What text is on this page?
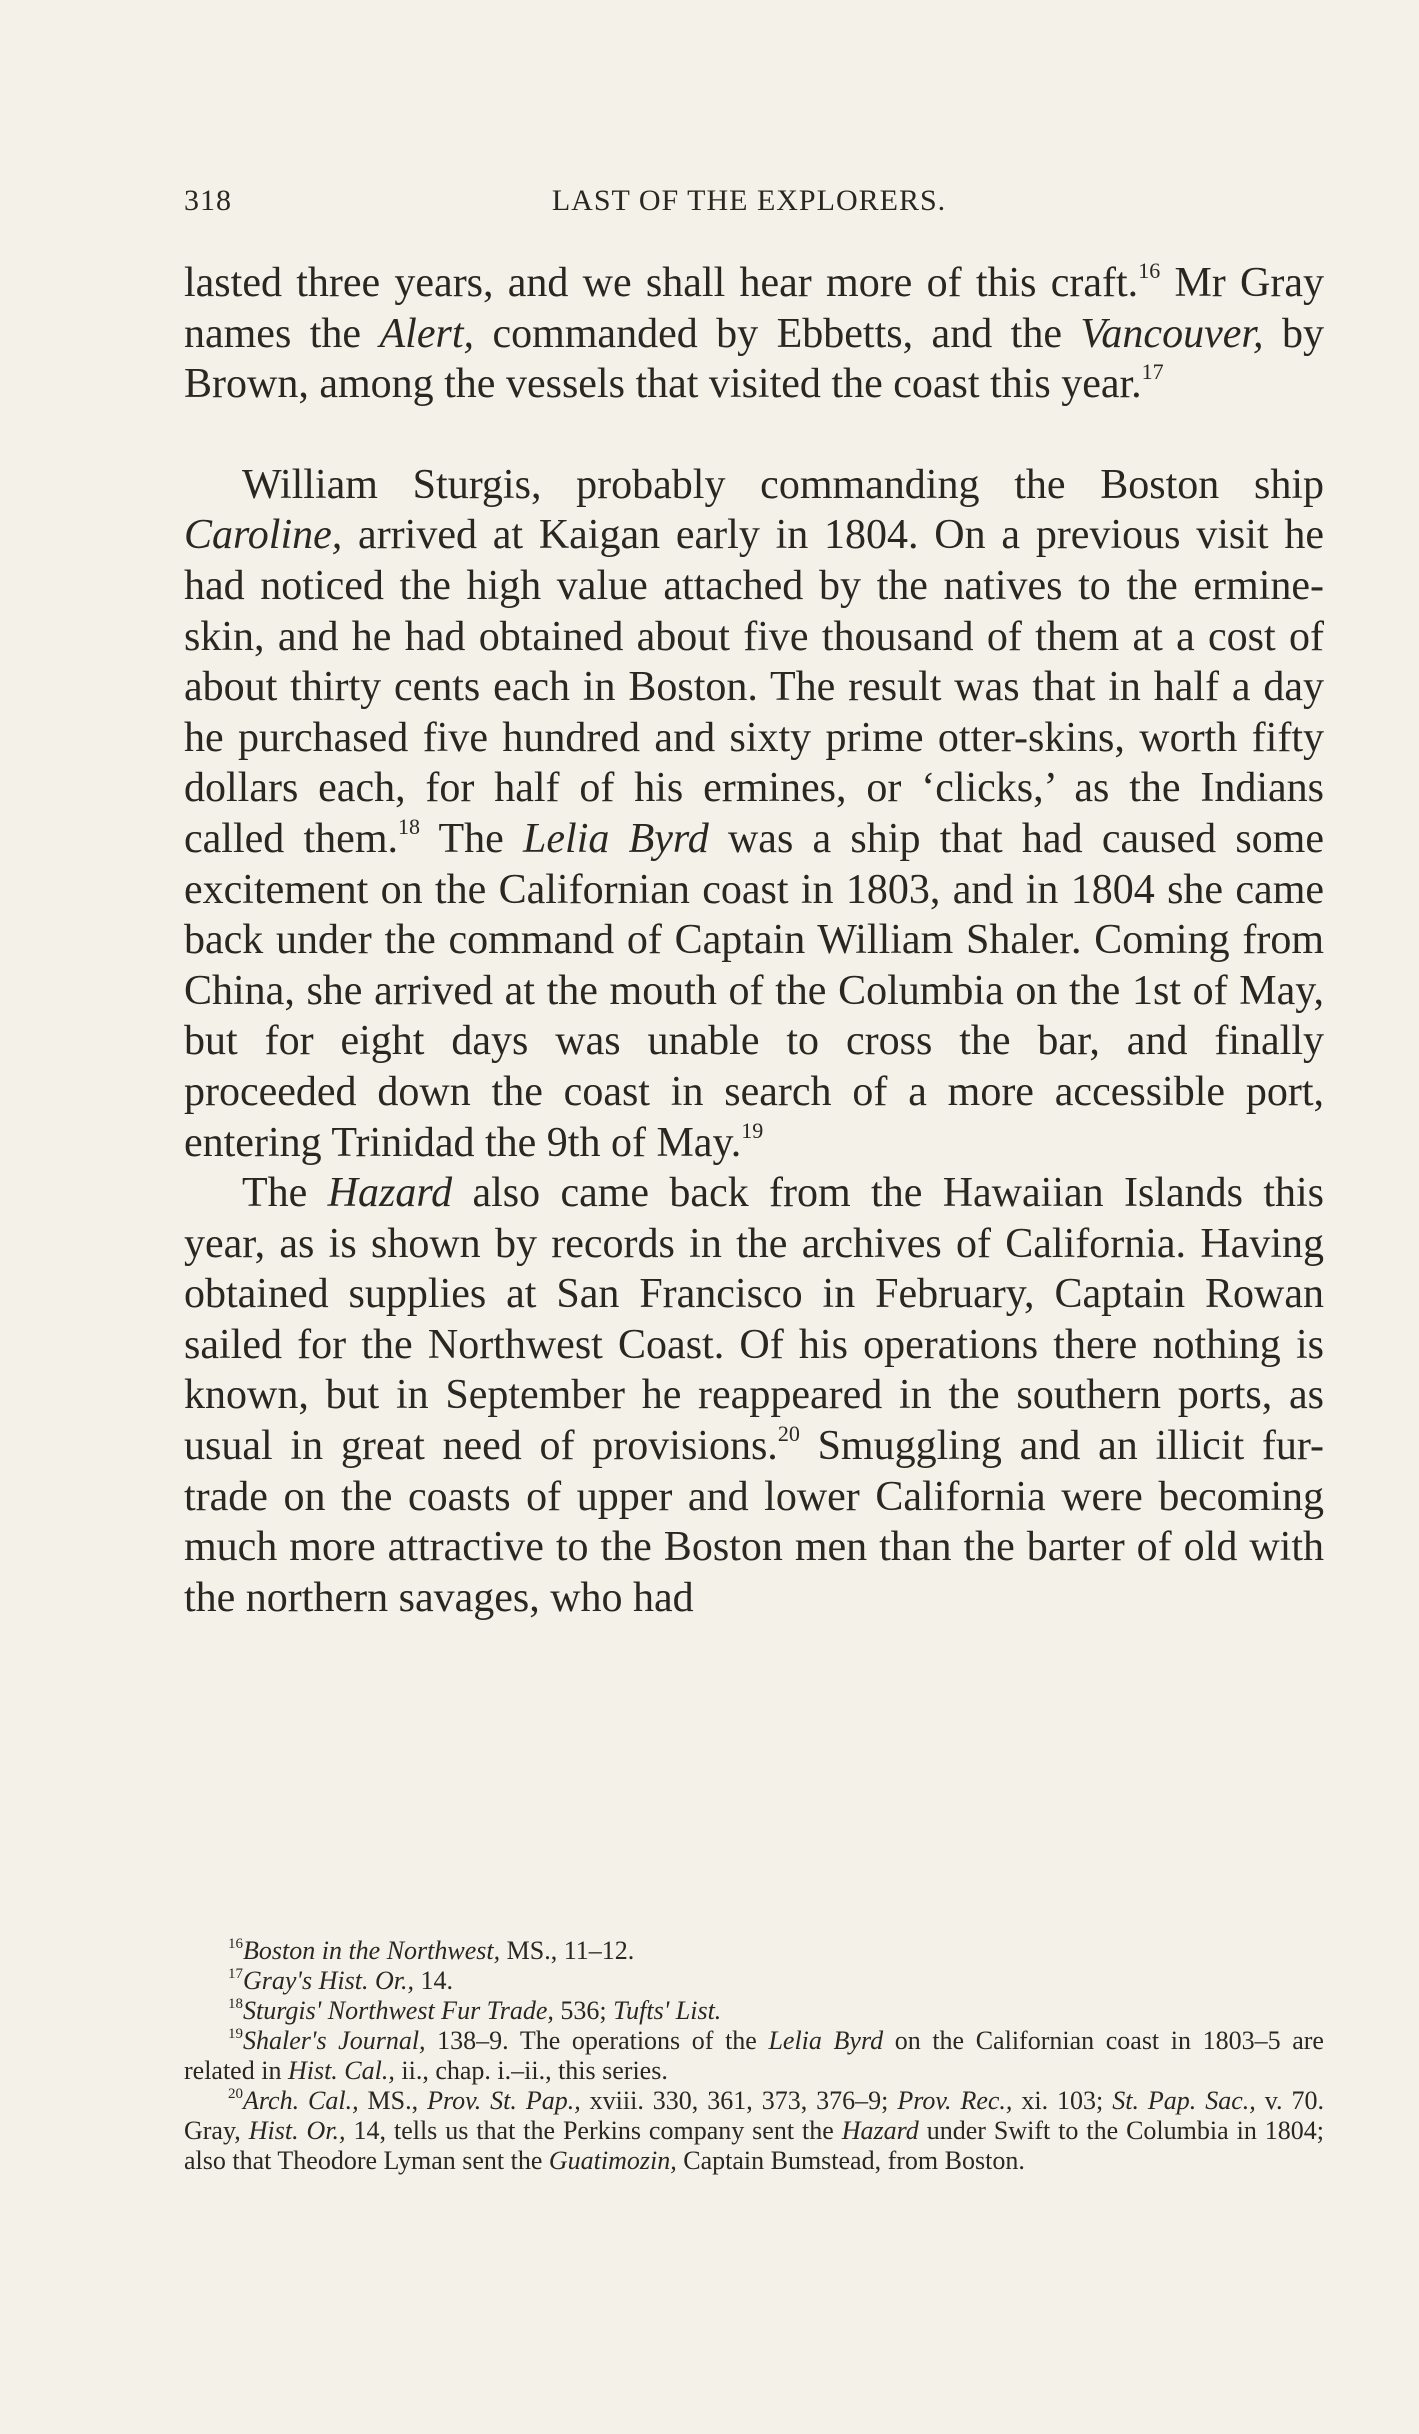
318	LAST OF THE EXPLORERS.

lasted three years, and we shall hear more of this craft.$^{16}$ Mr Gray names the Alert, commanded by Ebbetts, and the Vancouver, by Brown, among the vessels that visited the coast this year.$^{17}$

William Sturgis, probably commanding the Boston ship Caroline, arrived at Kaigan early in 1804. On a previous visit he had noticed the high value attached by the natives to the ermine-skin, and he had obtained about five thousand of them at a cost of about thirty cents each in Boston. The result was that in half a day he purchased five hundred and sixty prime otter-skins, worth fifty dollars each, for half of his ermines, or ‘clicks,’ as the Indians called them.$^{18}$ The Lelia Byrd was a ship that had caused some excitement on the Californian coast in 1803, and in 1804 she came back under the command of Captain William Shaler. Coming from China, she arrived at the mouth of the Columbia on the 1st of May, but for eight days was unable to cross the bar, and finally proceeded down the coast in search of a more accessible port, entering Trinidad the 9th of May.$^{19}$

The Hazard also came back from the Hawaiian Islands this year, as is shown by records in the archives of California. Having obtained supplies at San Francisco in February, Captain Rowan sailed for the Northwest Coast. Of his operations there nothing is known, but in September he reappeared in the southern ports, as usual in great need of provisions.$^{20}$ Smuggling and an illicit fur-trade on the coasts of upper and lower California were becoming much more attractive to the Boston men than the barter of old with the northern savages, who had

$^{16}$Boston in the Northwest, MS., 11–12.

$^{17}$Gray's Hist. Or., 14.

$^{18}$Sturgis' Northwest Fur Trade, 536; Tufts' List.

$^{19}$Shaler's Journal, 138–9. The operations of the Lelia Byrd on the Californian coast in 1803–5 are related in Hist. Cal., ii., chap. i.–ii., this series.

$^{20}$Arch. Cal., MS., Prov. St. Pap., xviii. 330, 361, 373, 376–9; Prov. Rec., xi. 103; St. Pap. Sac., v. 70. Gray, Hist. Or., 14, tells us that the Perkins company sent the Hazard under Swift to the Columbia in 1804; also that Theodore Lyman sent the Guatimozin, Captain Bumstead, from Boston.
